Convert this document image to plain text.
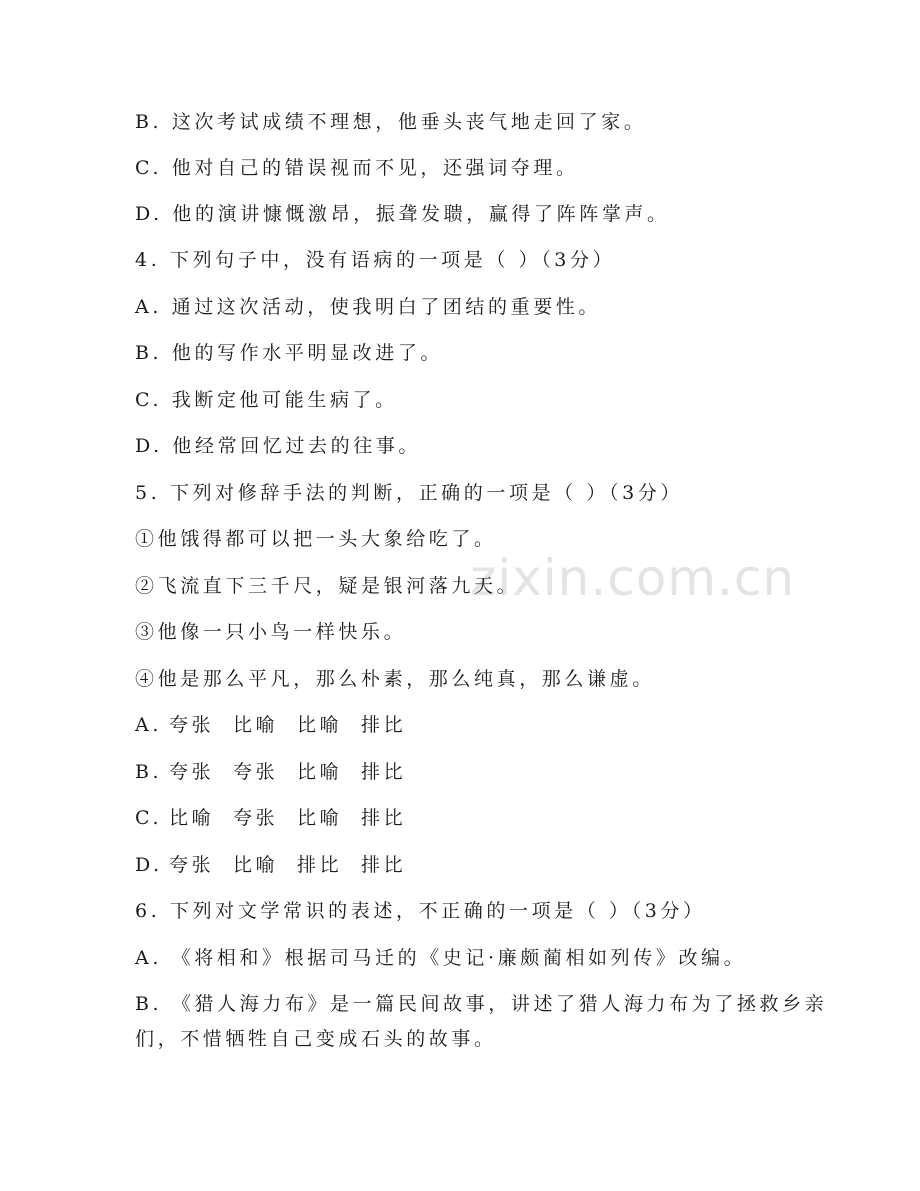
zixin.com.cn

B. 这次考试成绩不理想，他垂头丧气地走回了家。

C. 他对自己的错误视而不见，还强词夺理。

D. 他的演讲慷慨激昂，振聋发聩，赢得了阵阵掌声。

4. 下列句子中，没有语病的一项是（ ）（3分）

A. 通过这次活动，使我明白了团结的重要性。

B. 他的写作水平明显改进了。

C. 我断定他可能生病了。

D. 他经常回忆过去的往事。

5. 下列对修辞手法的判断，正确的一项是（ ）（3分）

①他饿得都可以把一头大象给吃了。

②飞流直下三千尺，疑是银河落九天。

③他像一只小鸟一样快乐。

④他是那么平凡，那么朴素，那么纯真，那么谦虚。

A. 夸张 比喻 比喻 排比

B. 夸张 夸张 比喻 排比

C. 比喻 夸张 比喻 排比

D. 夸张 比喻 排比 排比

6. 下列对文学常识的表述，不正确的一项是（ ）（3分）

A. 《将相和》根据司马迁的《史记·廉颇蔺相如列传》改编。

B. 《猎人海力布》是一篇民间故事，讲述了猎人海力布为了拯救乡亲

们，不惜牺牲自己变成石头的故事。
